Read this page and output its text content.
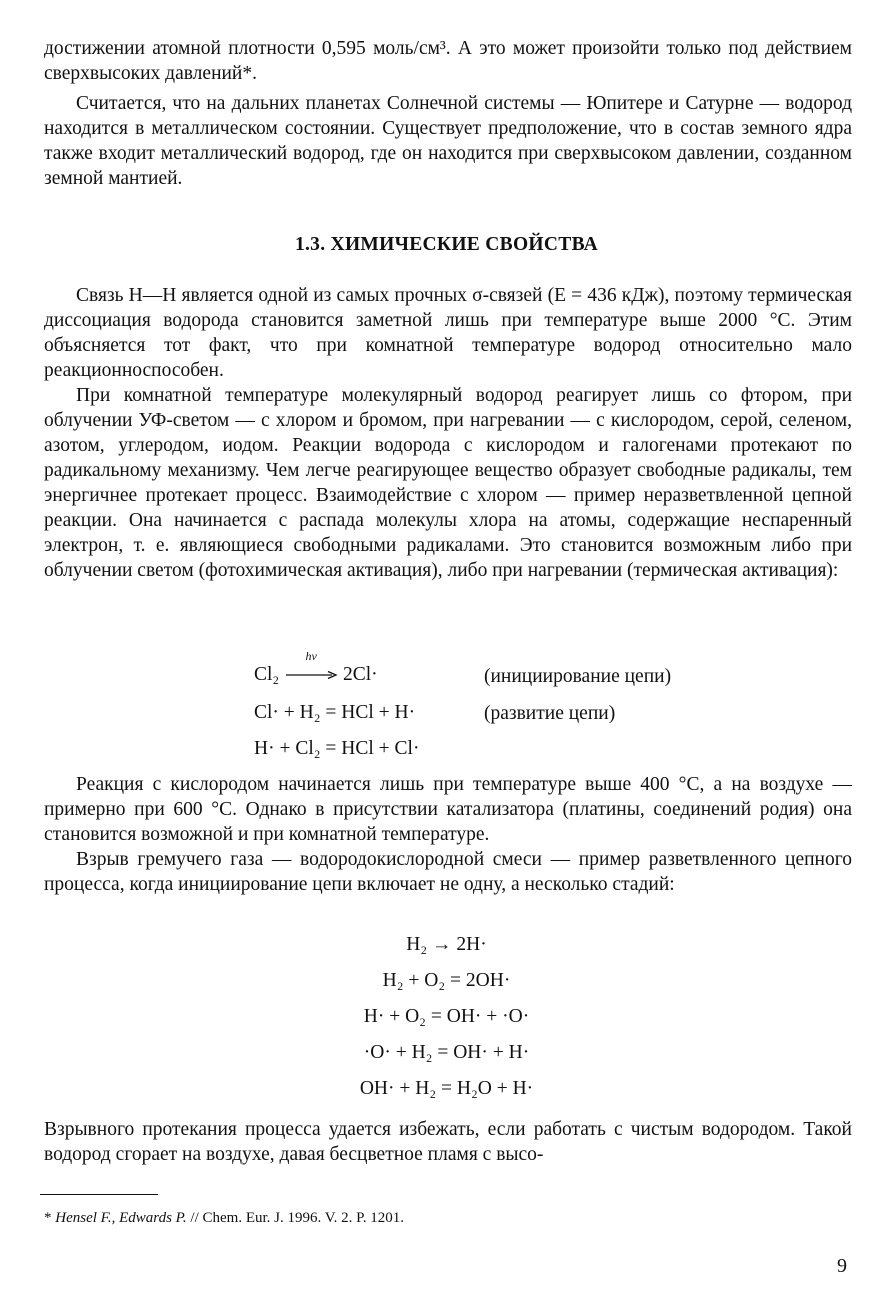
достижении атомной плотности 0,595 моль/см³. А это может произойти только под действием сверхвысоких давлений*.

Считается, что на дальних планетах Солнечной системы — Юпитере и Сатурне — водород находится в металлическом состоянии. Существует предположение, что в состав земного ядра также входит металлический водород, где он находится при сверхвысоком давлении, созданном земной мантией.

1.3. ХИМИЧЕСКИЕ СВОЙСТВА

Связь H—H является одной из самых прочных σ-связей (E = 436 кДж), поэтому термическая диссоциация водорода становится заметной лишь при температуре выше 2000 °C. Этим объясняется тот факт, что при комнатной температуре водород относительно мало реакционноспособен.

При комнатной температуре молекулярный водород реагирует лишь со фтором, при облучении УФ-светом — с хлором и бромом, при нагревании — с кислородом, серой, селеном, азотом, углеродом, иодом. Реакции водорода с кислородом и галогенами протекают по радикальному механизму. Чем легче реагирующее вещество образует свободные радикалы, тем энергичнее протекает процесс. Взаимодействие с хлором — пример неразветвленной цепной реакции. Она начинается с распада молекулы хлора на атомы, содержащие неспаренный электрон, т. е. являющиеся свободными радикалами. Это становится возможным либо при облучении светом (фотохимическая активация), либо при нагревании (термическая активация):

Cl₂
hv
2Cl·	(инициирование цепи)
Cl· + H₂ = HCl + H·	(развитие цепи)
H· + Cl₂ = HCl + Cl·

Реакция с кислородом начинается лишь при температуре выше 400 °C, а на воздухе — примерно при 600 °C. Однако в присутствии катализатора (платины, соединений родия) она становится возможной и при комнатной температуре.

Взрыв гремучего газа — водородокислородной смеси — пример разветвленного цепного процесса, когда инициирование цепи включает не одну, а несколько стадий:

H₂ → 2H·
H₂ + O₂ = 2OH·
H· + O₂ = OH· + ·O·
·O· + H₂ = OH· + H·
OH· + H₂ = H₂O + H·

Взрывного протекания процесса удается избежать, если работать с чистым водородом. Такой водород сгорает на воздухе, давая бесцветное пламя с высо-

* Hensel F., Edwards P. // Chem. Eur. J. 1996. V. 2. P. 1201.
9
